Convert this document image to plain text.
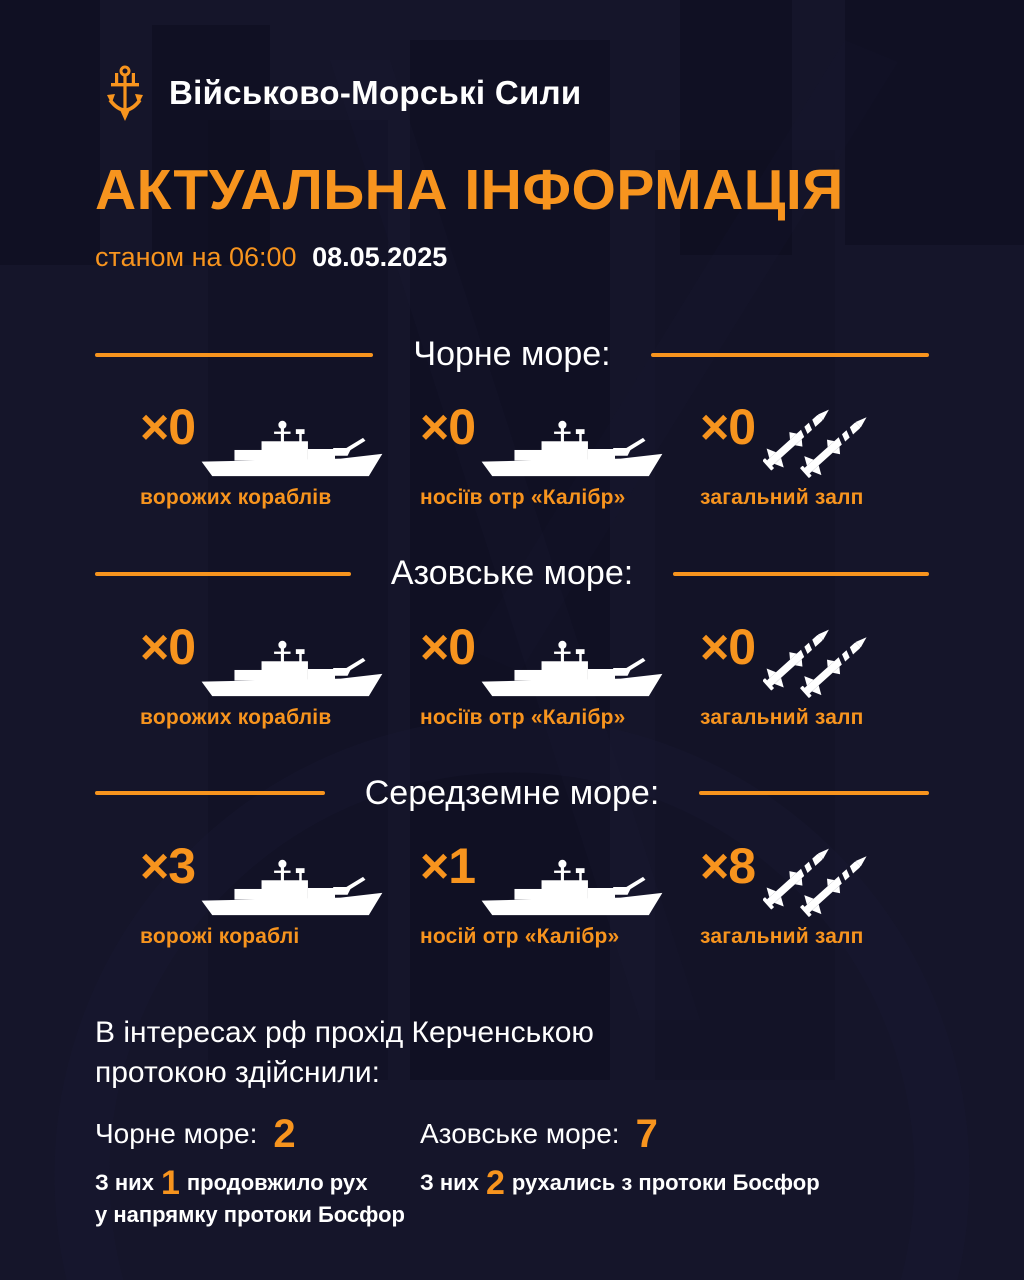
Військово-Морські Сили
АКТУАЛЬНА ІНФОРМАЦІЯ
станом на 06:00 08.05.2025
Чорне море:
×0
ворожих кораблів
×0
носіїв отр «Калібр»
×0
загальний залп
Азовське море:
×0
ворожих кораблів
×0
носіїв отр «Калібр»
×0
загальний залп
Середземне море:
×3
ворожі кораблі
×1
носій отр «Калібр»
×8
загальний залп
В інтересах рф прохід Керченською протокою здійснили:
Чорне море: 2
З них 1 продовжило рух
у напрямку протоки Босфор
Азовське море: 7
З них 2 рухались з протоки Босфор
